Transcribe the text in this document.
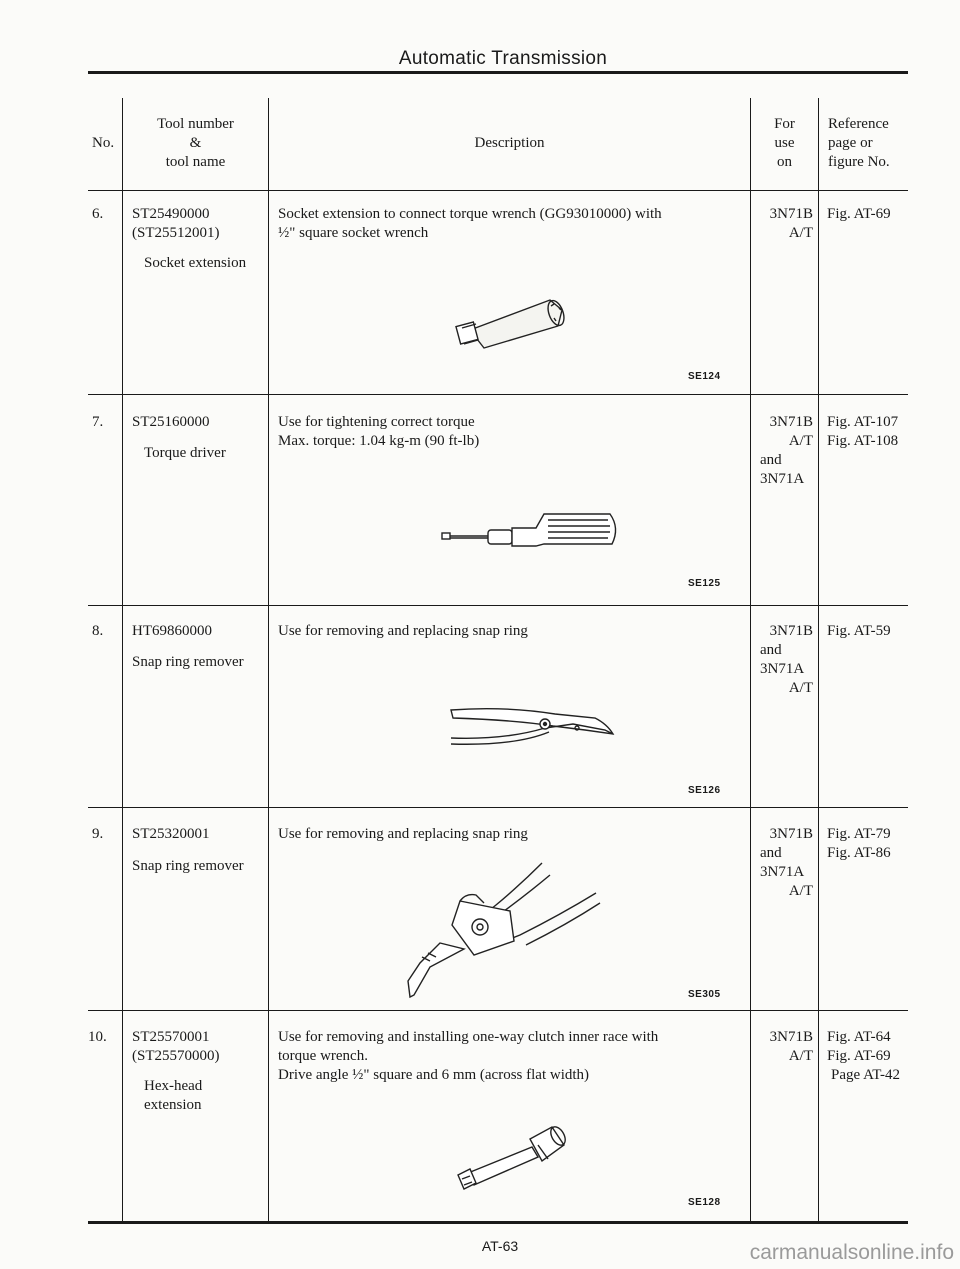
Automatic Transmission
No.
Tool number
&
tool name
Description
For
use
on
Reference
page or
figure No.
6. ST25490000
(ST25512001)
Socket extension
Socket extension to connect torque wrench (GG93010000) with
½" square socket wrench
SE124
3N71B
A/T
Fig. AT-69
7. ST25160000
Torque driver
Use for tightening correct torque
Max. torque: 1.04 kg-m (90 ft-lb)
SE125
3N71B
A/T
and
3N71A
Fig. AT-107
Fig. AT-108
8. HT69860000
Snap ring remover
Use for removing and replacing snap ring
SE126
3N71B
and
3N71A
A/T
Fig. AT-59
9. ST25320001
Snap ring remover
Use for removing and replacing snap ring
SE305
3N71B
and
3N71A
A/T
Fig. AT-79
Fig. AT-86
10. ST25570001
(ST25570000)
Hex-head
extension
Use for removing and installing one-way clutch inner race with
torque wrench.
Drive angle ½" square and 6 mm (across flat width)
SE128
3N71B
A/T
Fig. AT-64
Fig. AT-69
Page AT-42
AT-63	carmanualsonline.info
